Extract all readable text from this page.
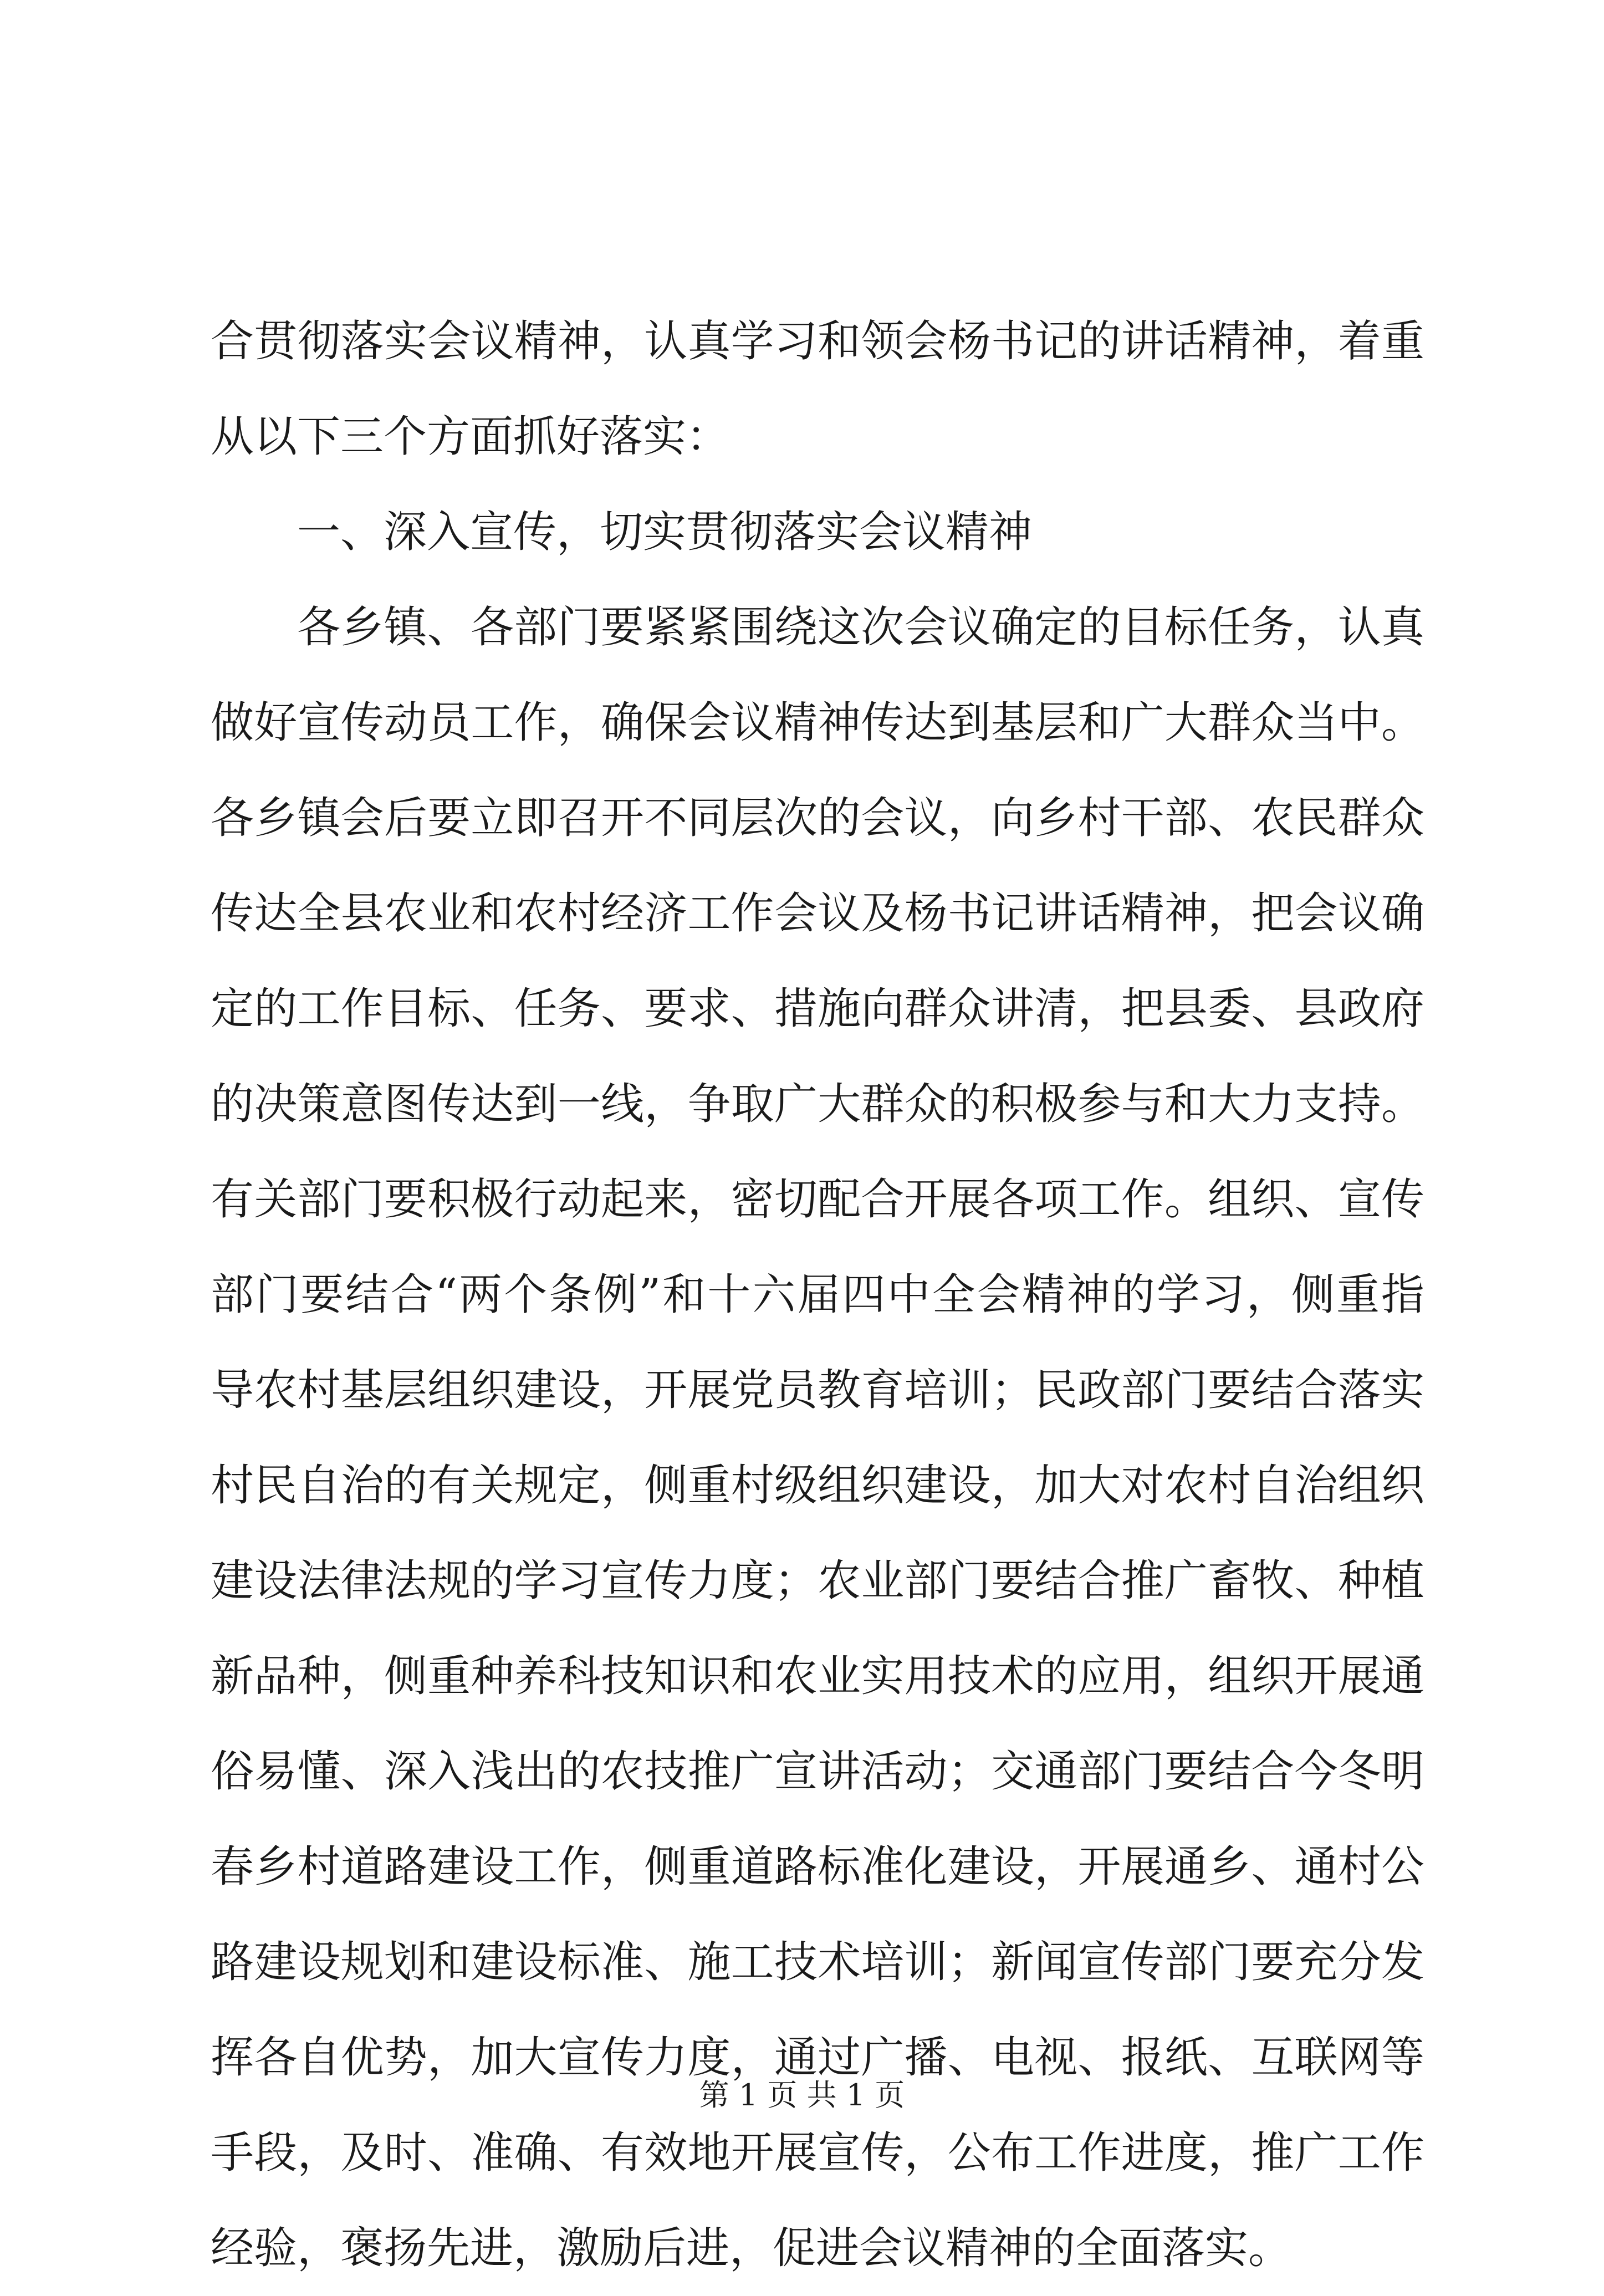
合贯彻落实会议精神，认真学习和领会杨书记的讲话精神，着重
从以下三个方面抓好落实：
一、深入宣传，切实贯彻落实会议精神
各乡镇、各部门要紧紧围绕这次会议确定的目标任务，认真
做好宣传动员工作，确保会议精神传达到基层和广大群众当中。
各乡镇会后要立即召开不同层次的会议，向乡村干部、农民群众
传达全县农业和农村经济工作会议及杨书记讲话精神，把会议确
定的工作目标、任务、要求、措施向群众讲清，把县委、县政府
的决策意图传达到一线，争取广大群众的积极参与和大力支持。
有关部门要积极行动起来，密切配合开展各项工作。组织、宣传
部门要结合“两个条例”和十六届四中全会精神的学习，侧重指
导农村基层组织建设，开展党员教育培训；民政部门要结合落实
村民自治的有关规定，侧重村级组织建设，加大对农村自治组织
建设法律法规的学习宣传力度；农业部门要结合推广畜牧、种植
新品种，侧重种养科技知识和农业实用技术的应用，组织开展通
俗易懂、深入浅出的农技推广宣讲活动；交通部门要结合今冬明
春乡村道路建设工作，侧重道路标准化建设，开展通乡、通村公
路建设规划和建设标准、施工技术培训；新闻宣传部门要充分发
挥各自优势，加大宣传力度，通过广播、电视、报纸、互联网等
手段，及时、准确、有效地开展宣传，公布工作进度，推广工作
经验，褒扬先进，激励后进，促进会议精神的全面落实。
第 1 页 共 1 页
